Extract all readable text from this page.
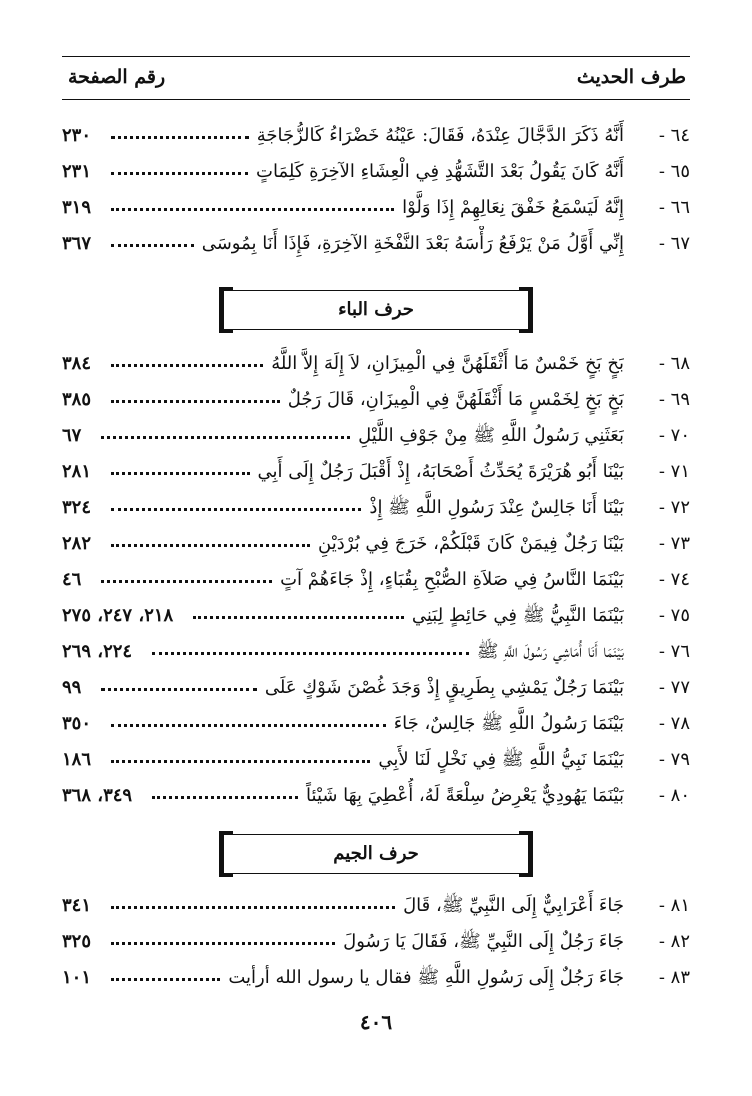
طرف الحديث
رقم الصفحة
٦٤ -
أَنَّهُ ذَكَرَ الدَّجَّالَ عِنْدَهُ، فَقَالَ: عَيْنُهُ خَضْرَاءُ كَالزُّجَاجَةِ
٢٣٠
٦٥ -
أَنَّهُ كَانَ يَقُولُ بَعْدَ التَّشَهُّدِ فِي الْعِشَاءِ الآخِرَةِ كَلِمَاتٍ
٢٣١
٦٦ -
إِنَّهُ لَيَسْمَعُ خَفْقَ نِعَالِهِمْ إِذَا وَلَّوْا
٣١٩
٦٧ -
إِنِّي أَوَّلُ مَنْ يَرْفَعُ رَأْسَهُ بَعْدَ النَّفْخَةِ الآخِرَةِ، فَإِذَا أَنَا بِمُوسَى
٣٦٧
حرف الباء
٦٨ -
بَخٍ بَخٍ خَمْسٌ مَا أَثْقَلَهُنَّ فِي الْمِيزَانِ، لاَ إِلَهَ إِلاَّ اللَّهُ
٣٨٤
٦٩ -
بَخٍ بَخٍ لِخَمْسٍ مَا أَثْقَلَهُنَّ فِي الْمِيزَانِ، قَالَ رَجُلٌ
٣٨٥
٧٠ -
بَعَثَنِي رَسُولُ اللَّهِ ﷺ مِنْ جَوْفِ اللَّيْلِ
٦٧
٧١ -
بَيْنَا أَبُو هُرَيْرَةَ يُحَدِّثُ أَصْحَابَهُ، إِذْ أَقْبَلَ رَجُلٌ إِلَى أَبِي
٢٨١
٧٢ -
بَيْنَا أَنَا جَالِسٌ عِنْدَ رَسُولِ اللَّهِ ﷺ إِذْ
٣٢٤
٧٣ -
بَيْنَا رَجُلٌ فِيمَنْ كَانَ قَبْلَكُمْ، خَرَجَ فِي بُرْدَيْنِ
٢٨٢
٧٤ -
بَيْنَمَا النَّاسُ فِي صَلاَةِ الصُّبْحِ بِقُبَاءٍ، إِذْ جَاءَهُمْ آتٍ
٤٦
٧٥ -
بَيْنَمَا النَّبِيُّ ﷺ فِي حَائِطٍ لِبَنِي
٢١٨، ٢٤٧، ٢٧٥
٧٦ -
بَيْنَمَا أَنَا أُمَاشِي رَسُولَ اللَّهِ ﷺ
٢٢٤، ٢٦٩
٧٧ -
بَيْنَمَا رَجُلٌ يَمْشِي بِطَرِيقٍ إِذْ وَجَدَ غُصْنَ شَوْكٍ عَلَى
٩٩
٧٨ -
بَيْنَمَا رَسُولُ اللَّهِ ﷺ جَالِسٌ، جَاءَ
٣٥٠
٧٩ -
بَيْنَمَا نَبِيُّ اللَّهِ ﷺ فِي نَخْلٍ لَنَا لأَبِي
١٨٦
٨٠ -
بَيْنَمَا يَهُودِيٌّ يَعْرِضُ سِلْعَةً لَهُ، أُعْطِيَ بِهَا شَيْئاً
٣٤٩، ٣٦٨
حرف الجيم
٨١ -
جَاءَ أَعْرَابِيٌّ إِلَى النَّبِيِّ ﷺ، قَالَ
٣٤١
٨٢ -
جَاءَ رَجُلٌ إِلَى النَّبِيِّ ﷺ، فَقَالَ يَا رَسُولَ
٣٢٥
٨٣ -
جَاءَ رَجُلٌ إِلَى رَسُولِ اللَّهِ ﷺ فقال يا رسول الله أرأيت
١٠١
٤٠٦
